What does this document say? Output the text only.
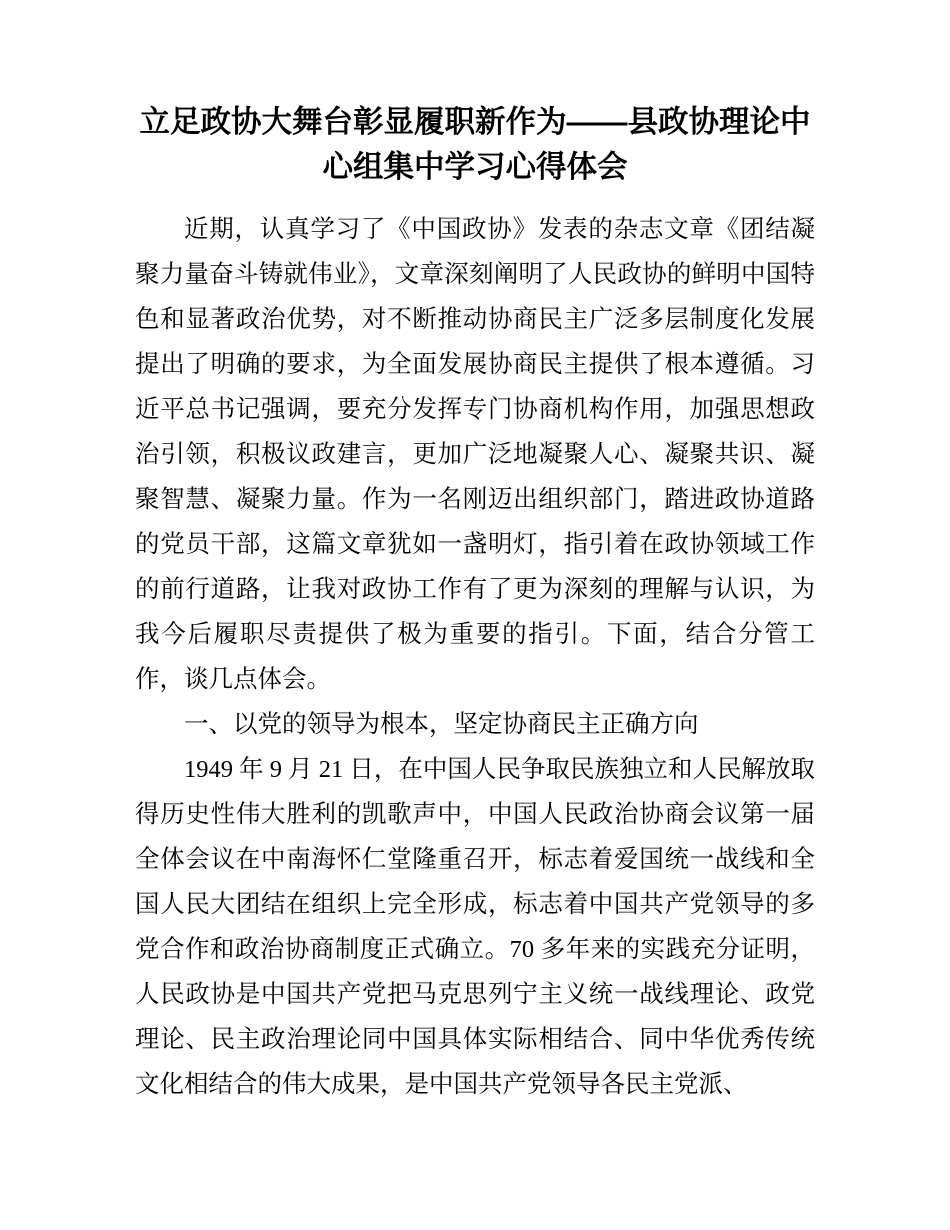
立足政协大舞台彰显履职新作为——县政协理论中心组集中学习心得体会

近期，认真学习了《中国政协》发表的杂志文章《团结凝聚力量奋斗铸就伟业》，文章深刻阐明了人民政协的鲜明中国特色和显著政治优势，对不断推动协商民主广泛多层制度化发展提出了明确的要求，为全面发展协商民主提供了根本遵循。习近平总书记强调，要充分发挥专门协商机构作用，加强思想政治引领，积极议政建言，更加广泛地凝聚人心、凝聚共识、凝聚智慧、凝聚力量。作为一名刚迈出组织部门，踏进政协道路的党员干部，这篇文章犹如一盏明灯，指引着在政协领域工作的前行道路，让我对政协工作有了更为深刻的理解与认识，为我今后履职尽责提供了极为重要的指引。下面，结合分管工作，谈几点体会。

一、以党的领导为根本，坚定协商民主正确方向

1949 年 9 月 21 日，在中国人民争取民族独立和人民解放取得历史性伟大胜利的凯歌声中，中国人民政治协商会议第一届全体会议在中南海怀仁堂隆重召开，标志着爱国统一战线和全国人民大团结在组织上完全形成，标志着中国共产党领导的多党合作和政治协商制度正式确立。70 多年来的实践充分证明，人民政协是中国共产党把马克思列宁主义统一战线理论、政党理论、民主政治理论同中国具体实际相结合、同中华优秀传统文化相结合的伟大成果，是中国共产党领导各民主党派、
